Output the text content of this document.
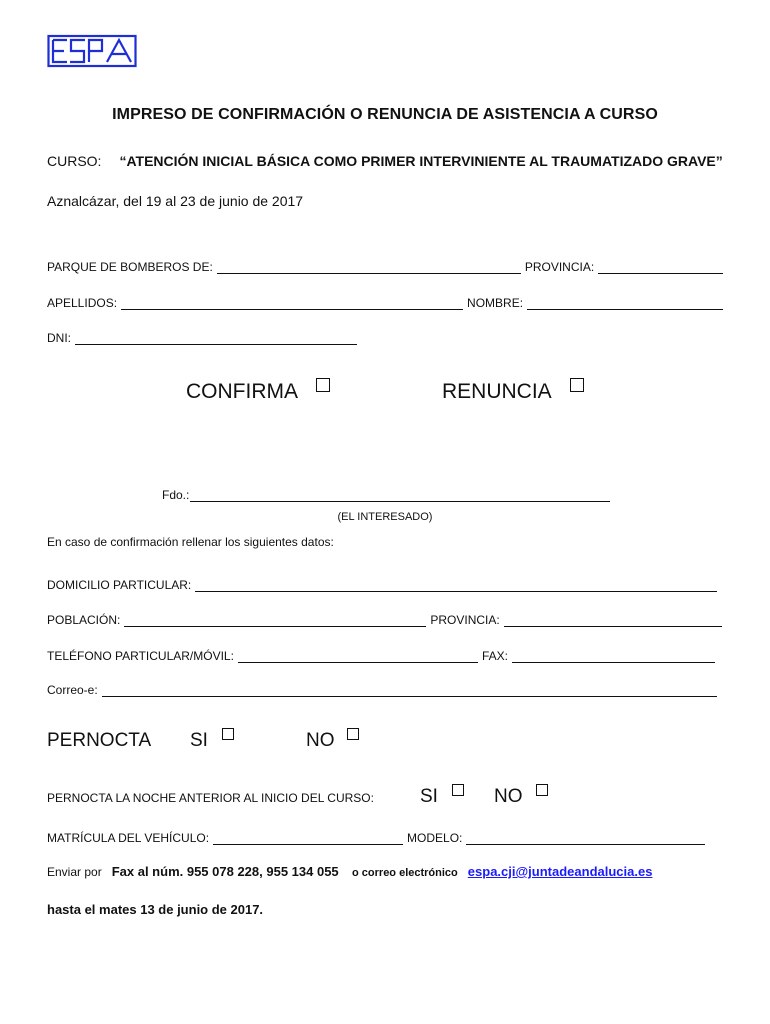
IMPRESO DE CONFIRMACIÓN O RENUNCIA DE ASISTENCIA A CURSO
CURSO: “ATENCIÓN INICIAL BÁSICA COMO PRIMER INTERVINIENTE AL TRAUMATIZADO GRAVE”
Aznalcázar, del 19 al 23 de junio de 2017
PARQUE DE BOMBEROS DE:	PROVINCIA:
APELLIDOS:	NOMBRE:
DNI:
CONFIRMA	RENUNCIA
Fdo.:
(EL INTERESADO)
En caso de confirmación rellenar los siguientes datos:
DOMICILIO PARTICULAR:
POBLACIÓN:	PROVINCIA:
TELÉFONO PARTICULAR/MÓVIL:	FAX:
Correo-e:
PERNOCTA SI	NO
PERNOCTA LA NOCHE ANTERIOR AL INICIO DEL CURSO: SI	NO
MATRÍCULA DEL VEHÍCULO:	MODELO:
Enviar por Fax al núm. 955 078 228, 955 134 055 o correo electrónico espa.cji@juntadeandalucia.es
hasta el mates 13 de junio de 2017.
